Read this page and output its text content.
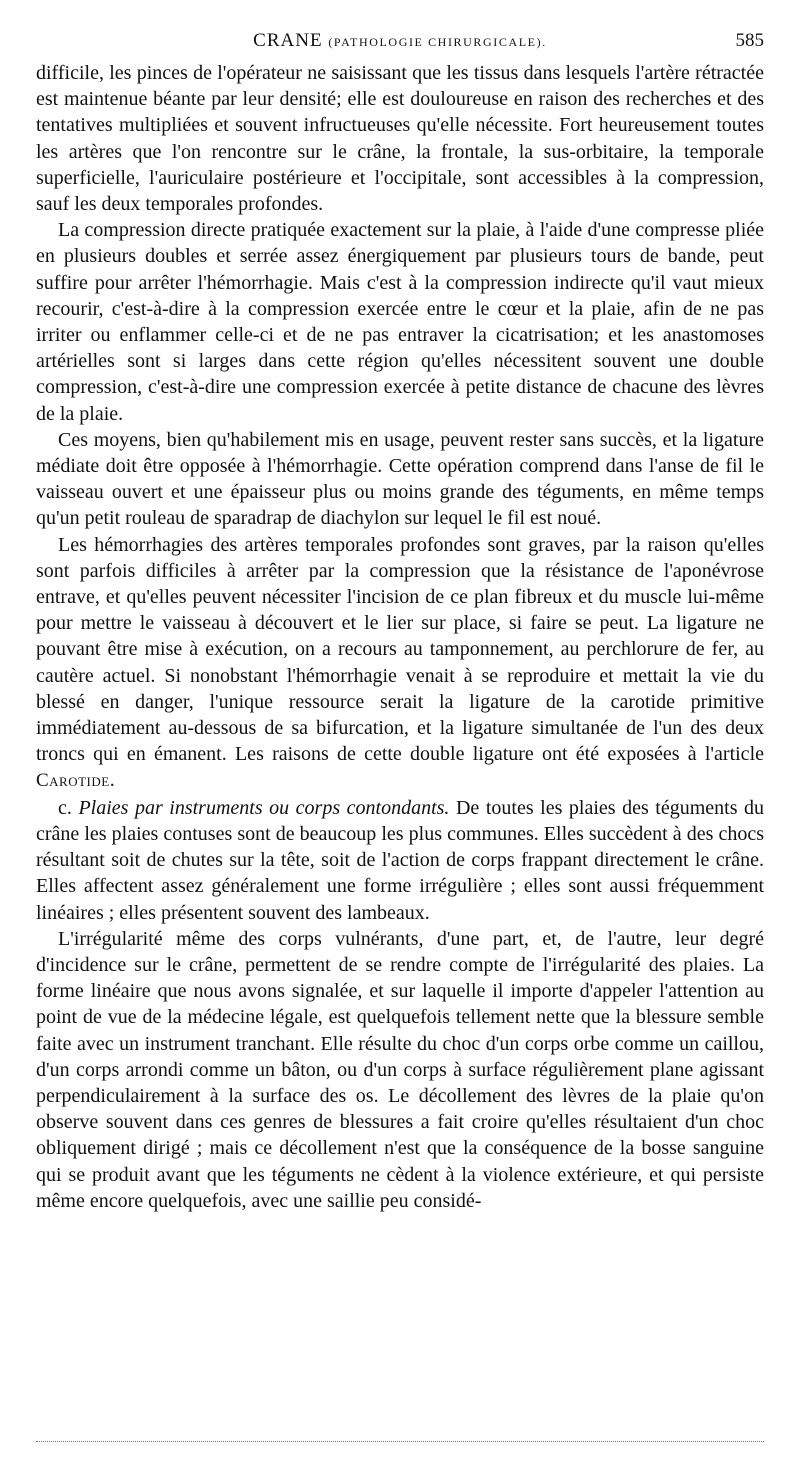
CRANE (PATHOLOGIE CHIRURGICALE).	585

difficile, les pinces de l'opérateur ne saisissant que les tissus dans lesquels l'artère rétractée est maintenue béante par leur densité; elle est douloureuse en raison des recherches et des tentatives multipliées et souvent infructueuses qu'elle nécessite. Fort heureusement toutes les artères que l'on rencontre sur le crâne, la frontale, la sus-orbitaire, la temporale superficielle, l'auriculaire postérieure et l'occipitale, sont accessibles à la compression, sauf les deux temporales profondes.

La compression directe pratiquée exactement sur la plaie, à l'aide d'une compresse pliée en plusieurs doubles et serrée assez énergiquement par plusieurs tours de bande, peut suffire pour arrêter l'hémorrhagie. Mais c'est à la compression indirecte qu'il vaut mieux recourir, c'est-à-dire à la compression exercée entre le cœur et la plaie, afin de ne pas irriter ou enflammer celle-ci et de ne pas entraver la cicatrisation; et les anastomoses artérielles sont si larges dans cette région qu'elles nécessitent souvent une double compression, c'est-à-dire une compression exercée à petite distance de chacune des lèvres de la plaie.

Ces moyens, bien qu'habilement mis en usage, peuvent rester sans succès, et la ligature médiate doit être opposée à l'hémorrhagie. Cette opération comprend dans l'anse de fil le vaisseau ouvert et une épaisseur plus ou moins grande des téguments, en même temps qu'un petit rouleau de sparadrap de diachylon sur lequel le fil est noué.

Les hémorrhagies des artères temporales profondes sont graves, par la raison qu'elles sont parfois difficiles à arrêter par la compression que la résistance de l'aponévrose entrave, et qu'elles peuvent nécessiter l'incision de ce plan fibreux et du muscle lui-même pour mettre le vaisseau à découvert et le lier sur place, si faire se peut. La ligature ne pouvant être mise à exécution, on a recours au tamponnement, au perchlorure de fer, au cautère actuel. Si nonobstant l'hémorrhagie venait à se reproduire et mettait la vie du blessé en danger, l'unique ressource serait la ligature de la carotide primitive immédiatement au-dessous de sa bifurcation, et la ligature simultanée de l'un des deux troncs qui en émanent. Les raisons de cette double ligature ont été exposées à l'article Carotide.

c. Plaies par instruments ou corps contondants. De toutes les plaies des téguments du crâne les plaies contuses sont de beaucoup les plus communes. Elles succèdent à des chocs résultant soit de chutes sur la tête, soit de l'action de corps frappant directement le crâne. Elles affectent assez généralement une forme irrégulière ; elles sont aussi fréquemment linéaires ; elles présentent souvent des lambeaux.

L'irrégularité même des corps vulnérants, d'une part, et, de l'autre, leur degré d'incidence sur le crâne, permettent de se rendre compte de l'irrégularité des plaies. La forme linéaire que nous avons signalée, et sur laquelle il importe d'appeler l'attention au point de vue de la médecine légale, est quelquefois tellement nette que la blessure semble faite avec un instrument tranchant. Elle résulte du choc d'un corps orbe comme un caillou, d'un corps arrondi comme un bâton, ou d'un corps à surface régulièrement plane agissant perpendiculairement à la surface des os. Le décollement des lèvres de la plaie qu'on observe souvent dans ces genres de blessures a fait croire qu'elles résultaient d'un choc obliquement dirigé ; mais ce décollement n'est que la conséquence de la bosse sanguine qui se produit avant que les téguments ne cèdent à la violence extérieure, et qui persiste même encore quelquefois, avec une saillie peu considé-
